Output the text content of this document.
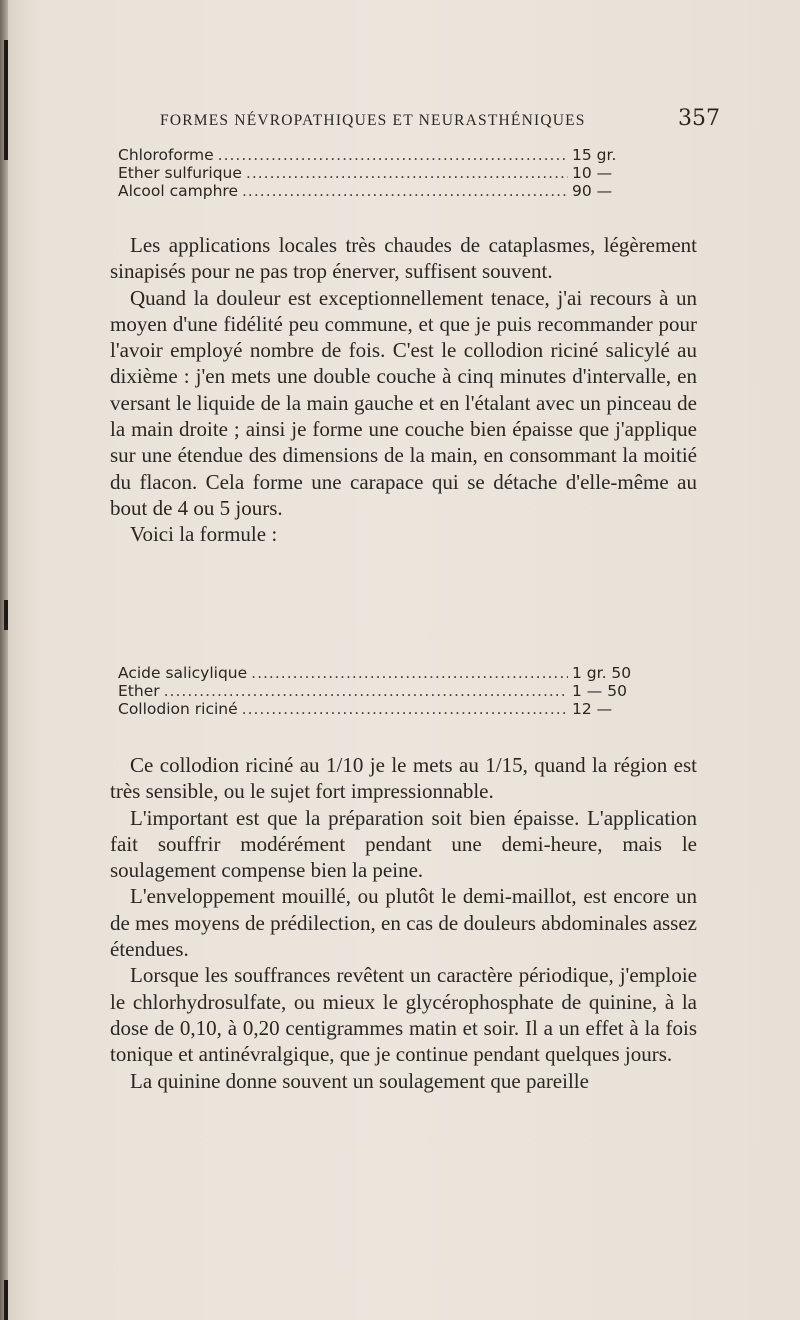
FORMES NÉVROPATHIQUES ET NEURASTHÉNIQUES	357
Chloroforme .....	15 gr.
Ether sulfurique .....	10 —
Alcool camphre .....	90 —

Les applications locales très chaudes de cataplasmes, légèrement sinapisés pour ne pas trop énerver, suffisent souvent.

Quand la douleur est exceptionnellement tenace, j'ai recours à un moyen d'une fidélité peu commune, et que je puis recommander pour l'avoir employé nombre de fois. C'est le collodion riciné salicylé au dixième : j'en mets une double couche à cinq minutes d'intervalle, en versant le liquide de la main gauche et en l'étalant avec un pinceau de la main droite ; ainsi je forme une couche bien épaisse que j'applique sur une étendue des dimensions de la main, en consommant la moitié du flacon. Cela forme une carapace qui se détache d'elle-même au bout de 4 ou 5 jours.

Voici la formule :

Acide salicylique .....	1 gr. 50
Ether .....	1 — 50
Collodion riciné .....	12 —

Ce collodion riciné au 1/10 je le mets au 1/15, quand la région est très sensible, ou le sujet fort impressionnable.

L'important est que la préparation soit bien épaisse. L'application fait souffrir modérément pendant une demi-heure, mais le soulagement compense bien la peine.

L'enveloppement mouillé, ou plutôt le demi-maillot, est encore un de mes moyens de prédilection, en cas de douleurs abdominales assez étendues.

Lorsque les souffrances revêtent un caractère périodique, j'emploie le chlorhydrosulfate, ou mieux le glycérophosphate de quinine, à la dose de 0,10, à 0,20 centigrammes matin et soir. Il a un effet à la fois tonique et antinévralgique, que je continue pendant quelques jours.

La quinine donne souvent un soulagement que pareille
